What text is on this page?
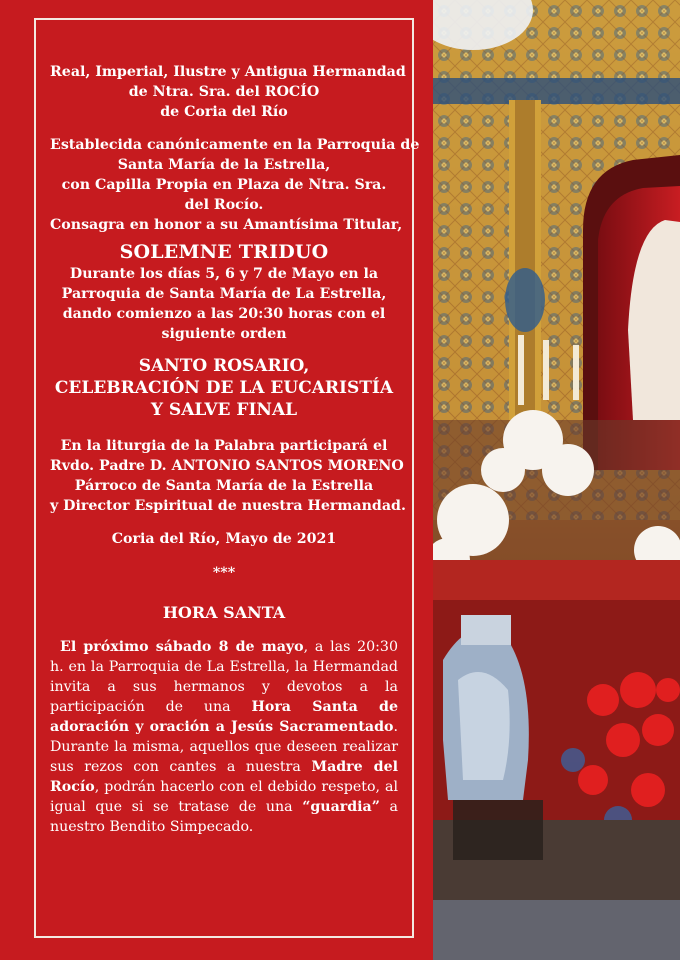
Real, Imperial, Ilustre y Antigua Hermandad
de Ntra. Sra. del ROCÍO
de Coria del Río
Establecida canónicamente en la Parroquia de
Santa María de la Estrella,
con Capilla Propia en Plaza de Ntra. Sra.
del Rocío.
Consagra en honor a su Amantísima Titular,
SOLEMNE TRIDUO
Durante los días 5, 6 y 7 de Mayo en la
Parroquia de Santa María de La Estrella,
dando comienzo a las 20:30 horas con el
siguiente orden
SANTO ROSARIO,
CELEBRACIÓN DE LA EUCARISTÍA
Y SALVE FINAL
En la liturgia de la Palabra participará el
Rvdo. Padre D. ANTONIO SANTOS MORENO
Párroco de Santa María de la Estrella
y Director Espiritual de nuestra Hermandad.
Coria del Río, Mayo de 2021
***
HORA SANTA
El próximo sábado 8 de mayo, a las 20:30 h. en la Parroquia de La Estrella, la Hermandad invita a sus hermanos y devotos a la participación de una Hora Santa de adoración y oración a Jesús Sacramentado. Durante la misma, aquellos que deseen realizar sus rezos con cantes a nuestra Madre del Rocío, podrán hacerlo con el debido respeto, al igual que si se tratase de una “guardia” a nuestro Bendito Simpecado.
